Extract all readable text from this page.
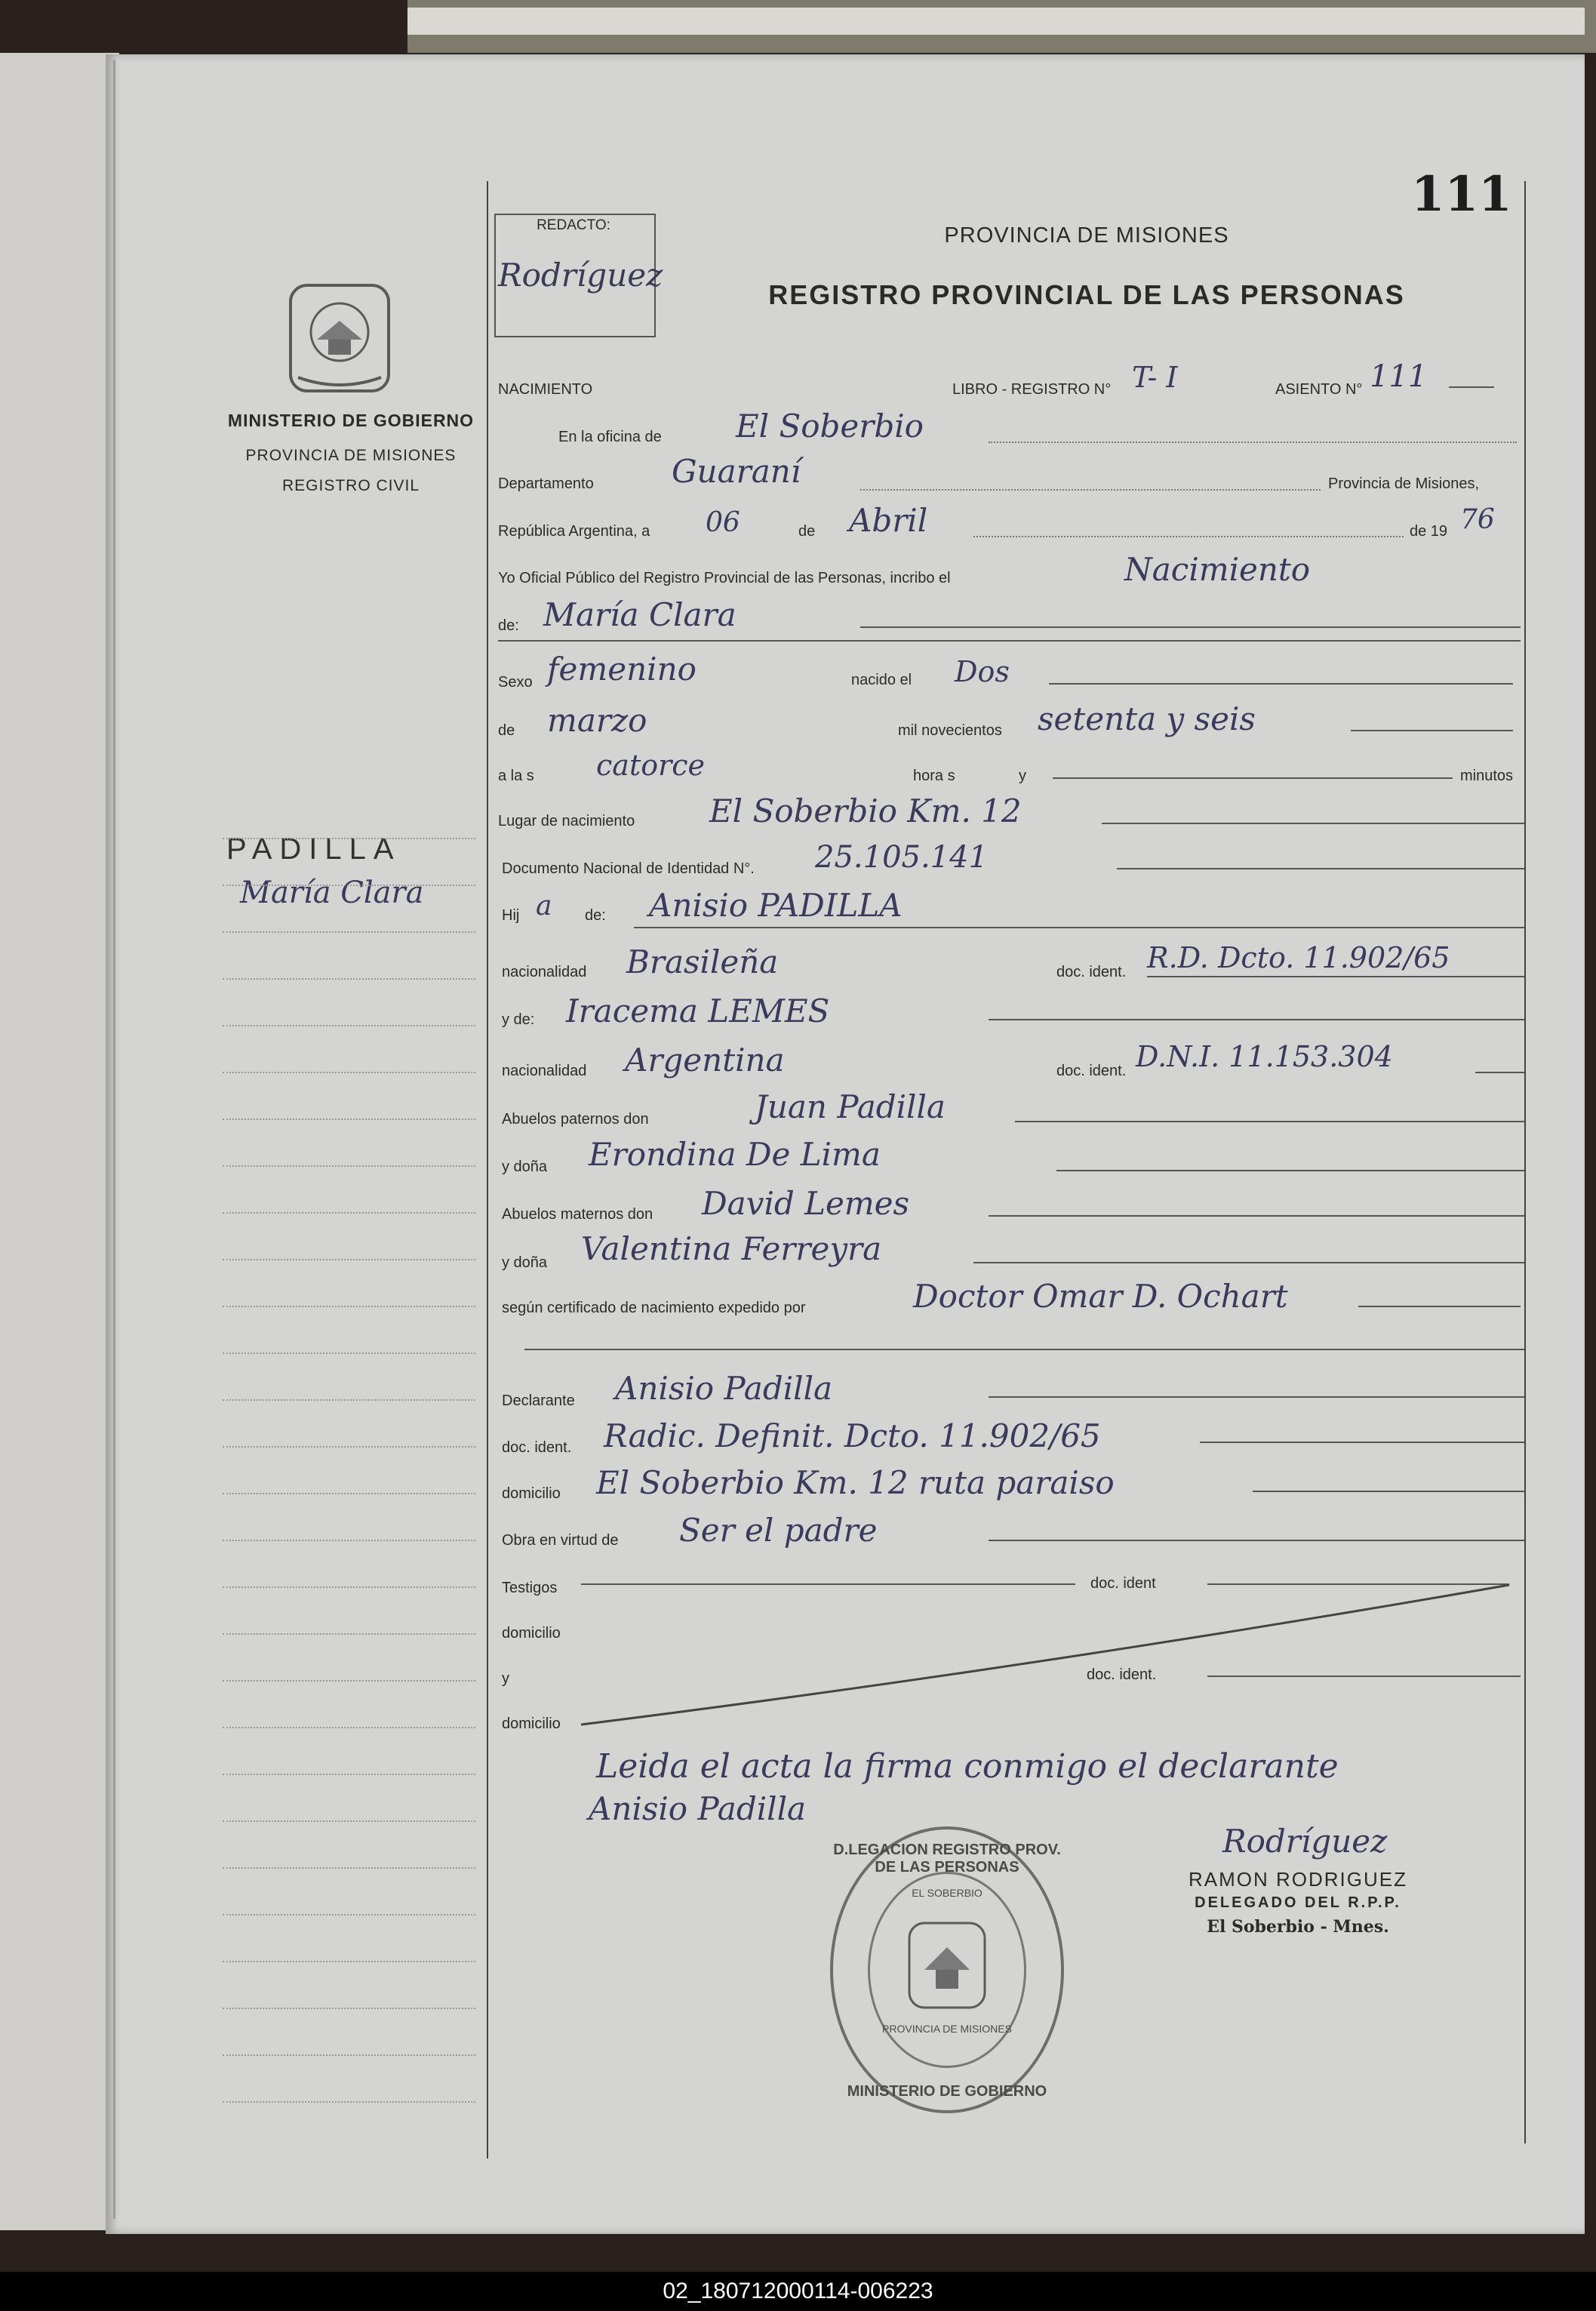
MINISTERIO DE GOBIERNO
PROVINCIA DE MISIONES
REGISTRO CIVIL
PADILLA
María Clara
REDACTO:
Rodríguez
111
PROVINCIA DE MISIONES
REGISTRO PROVINCIAL DE LAS PERSONAS
NACIMIENTO	LIBRO - REGISTRO N° T- I	ASIENTO N° 111
En la oficina de El Soberbio
Departamento Guaraní	Provincia de Misiones,
República Argentina, a 06	de Abril	de 19 76
Yo Oficial Público del Registro Provincial de las Personas, incribo el	Nacimiento
de: María Clara
Sexo femenino	nacido el Dos
de marzo	mil novecientos setenta y seis
a la s catorce	hora s	y	minutos
Lugar de nacimiento El Soberbio Km. 12
Documento Nacional de Identidad N°. 25.105.141
Hij a de: Anisio PADILLA
nacionalidad Brasileña	doc. ident. R.D. Dcto. 11.902/65
y de: Iracema LEMES
nacionalidad Argentina	doc. ident. D.N.I. 11.153.304
Abuelos paternos don	Juan Padilla
y doña Erondina De Lima
Abuelos maternos don David Lemes
y doña Valentina Ferreyra
según certificado de nacimiento expedido por	Doctor Omar D. Ochart
Declarante Anisio Padilla
doc. ident. Radic. Definit. Dcto. 11.902/65
domicilio El Soberbio Km. 12 ruta paraiso
Obra en virtud de Ser el padre
Testigos	doc. ident
domicilio
y	doc. ident.
domicilio
Leida el acta la firma conmigo el declarante
Anisio Padilla
D.LEGACION REGISTRO PROV. DE LAS PERSONAS
EL SOBERBIO
PROVINCIA DE MISIONES
MINISTERIO DE GOBIERNO
Rodríguez
RAMON RODRIGUEZ
DELEGADO DEL R.P.P.
El Soberbio - Mnes.
02_180712000114-006223
